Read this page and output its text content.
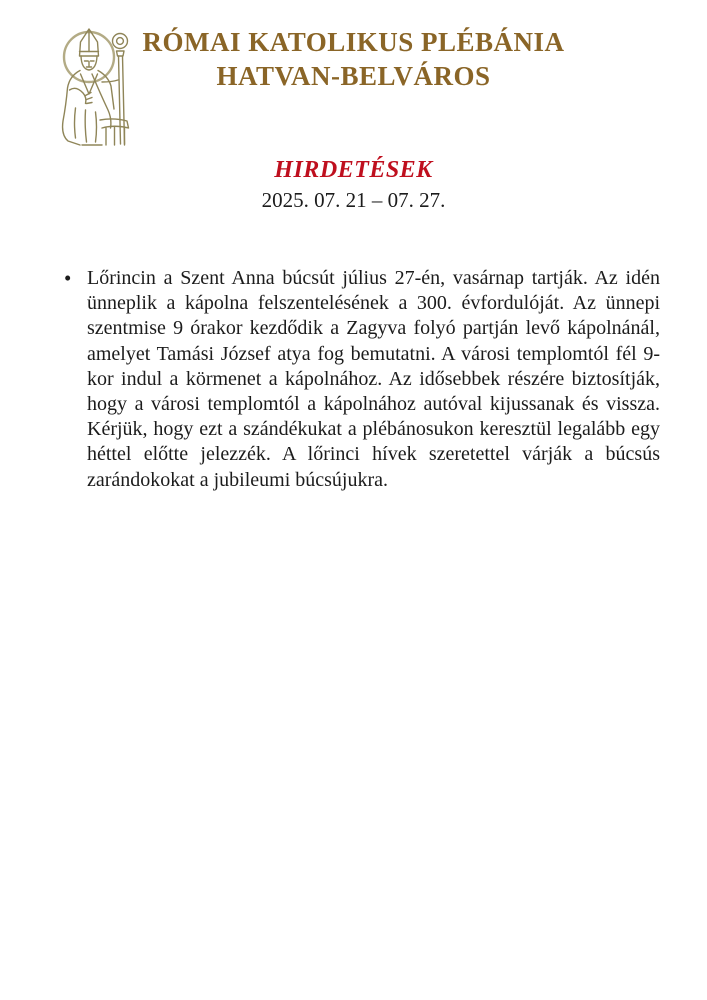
RÓMAI KATOLIKUS PLÉBÁNIA
HATVAN-BELVÁROS
HIRDETÉSEK
2025. 07. 21 – 07. 27.
• Lőrincin a Szent Anna búcsút július 27-én, vasárnap tartják. Az idén ünneplik a kápolna felszentelésének a 300. évfordulóját. Az ünnepi szentmise 9 órakor kezdődik a Zagyva folyó partján levő kápolnánál, amelyet Tamási József atya fog bemutatni. A városi templomtól fél 9-kor indul a körmenet a kápolnához. Az idősebbek részére biztosítják, hogy a városi templomtól a kápolnához autóval kijussanak és vissza. Kérjük, hogy ezt a szándékukat a plébánosukon keresztül legalább egy héttel előtte jelezzék. A lőrinci hívek szeretettel várják a búcsús zarándokokat a jubileumi búcsújukra.
